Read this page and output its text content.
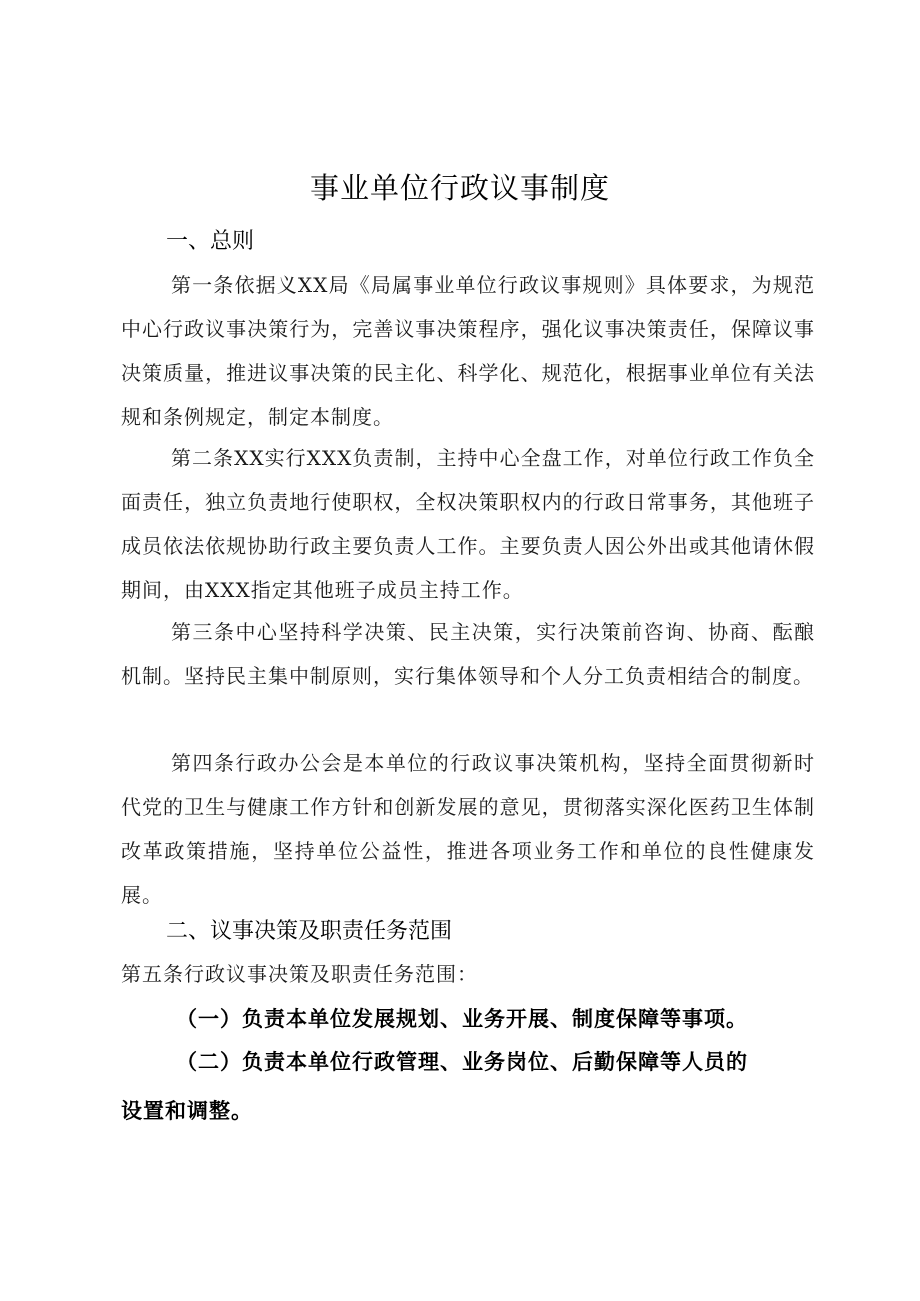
事业单位行政议事制度
一、总则

第一条依据义XX局《局属事业单位行政议事规则》具体要求，为规范中心行政议事决策行为，完善议事决策程序，强化议事决策责任，保障议事决策质量，推进议事决策的民主化、科学化、规范化，根据事业单位有关法规和条例规定，制定本制度。

第二条XX实行XXX负责制，主持中心全盘工作，对单位行政工作负全面责任，独立负责地行使职权，全权决策职权内的行政日常事务，其他班子成员依法依规协助行政主要负责人工作。主要负责人因公外出或其他请休假期间，由XXX指定其他班子成员主持工作。

第三条中心坚持科学决策、民主决策，实行决策前咨询、协商、酝酿机制。坚持民主集中制原则，实行集体领导和个人分工负责相结合的制度。

第四条行政办公会是本单位的行政议事决策机构，坚持全面贯彻新时代党的卫生与健康工作方针和创新发展的意见，贯彻落实深化医药卫生体制改革政策措施，坚持单位公益性，推进各项业务工作和单位的良性健康发展。

二、议事决策及职责任务范围
第五条行政议事决策及职责任务范围：
（一）负责本单位发展规划、业务开展、制度保障等事项。
（二）负责本单位行政管理、业务岗位、后勤保障等人员的
设置和调整。
